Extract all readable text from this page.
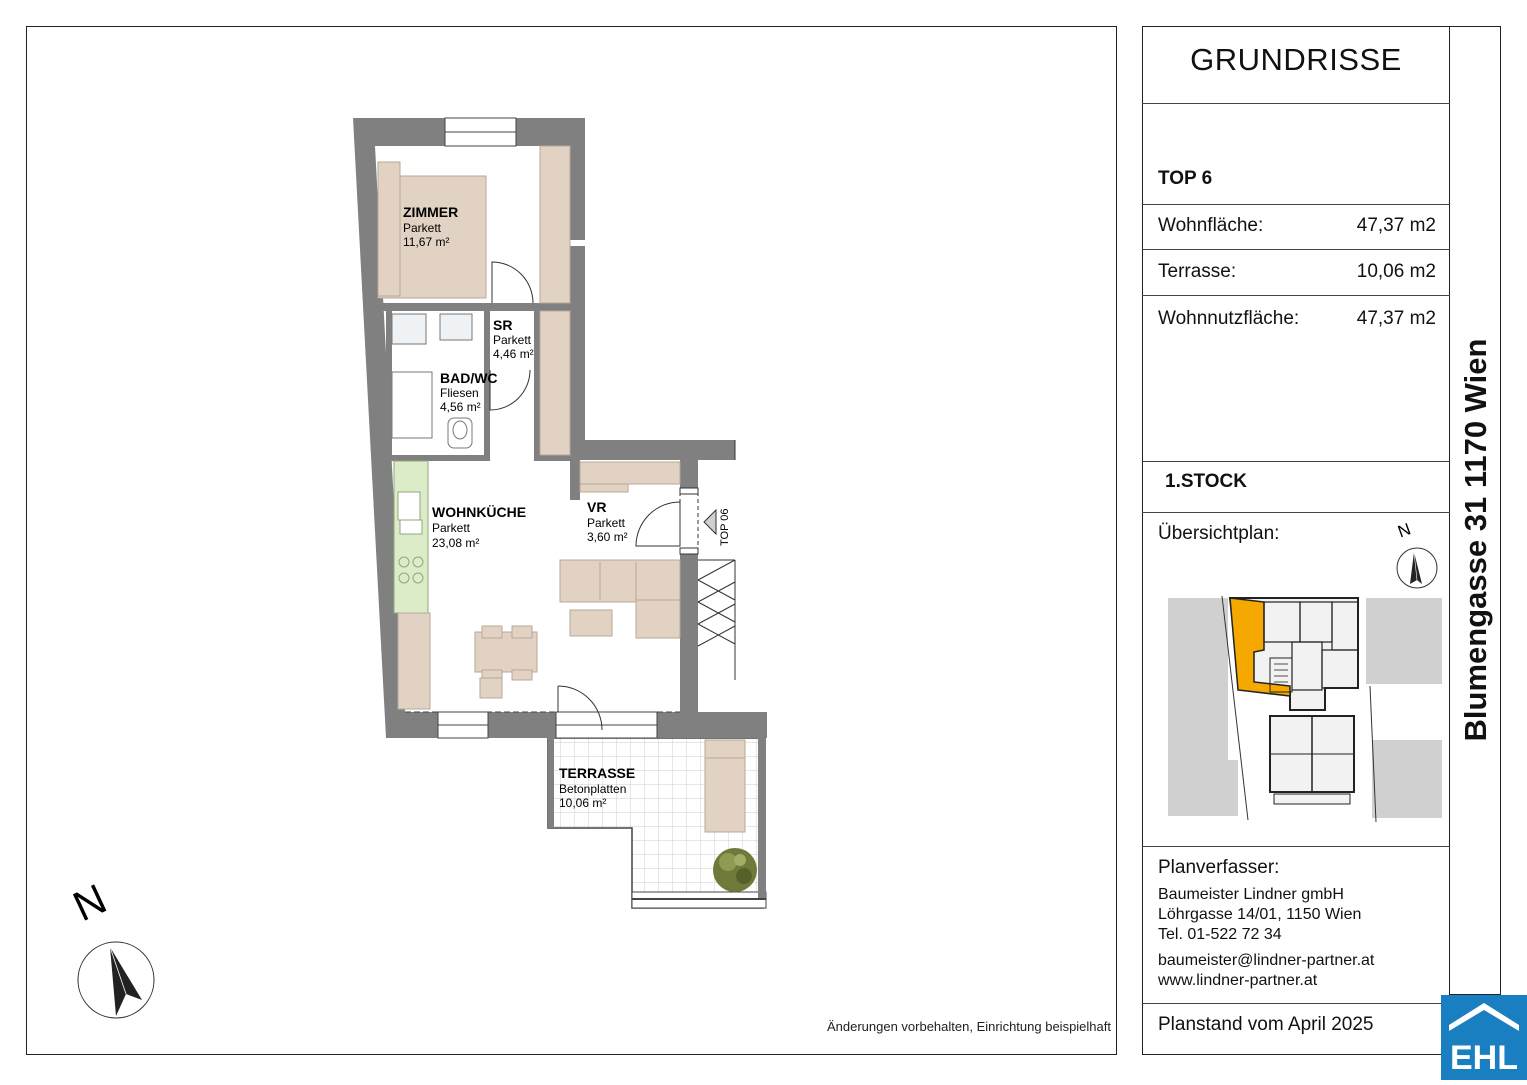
GRUNDRISSE
TOP 6
Wohnfläche:	47,37 m2
Terrasse:	10,06 m2
Wohnnutzfläche:	47,37 m2
1.STOCK
Übersichtplan:	N
Planverfasser:
Baumeister Lindner gmbH
Löhrgasse 14/01, 1150 Wien
Tel. 01-522 72 34
baumeister@lindner-partner.at
www.lindner-partner.at
Planstand vom April 2025
Blumengasse 31 1170 Wien
Änderungen vorbehalten, Einrichtung beispielhaft
EHL
TOP 06
ZIMMER
Parkett
11,67 m²
SR
Parkett
4,46 m²
BAD/WC
Fliesen
4,56 m²
WOHNKÜCHE
Parkett
23,08 m²
VR
Parkett
3,60 m²
TERRASSE
Betonplatten
10,06 m²
N
